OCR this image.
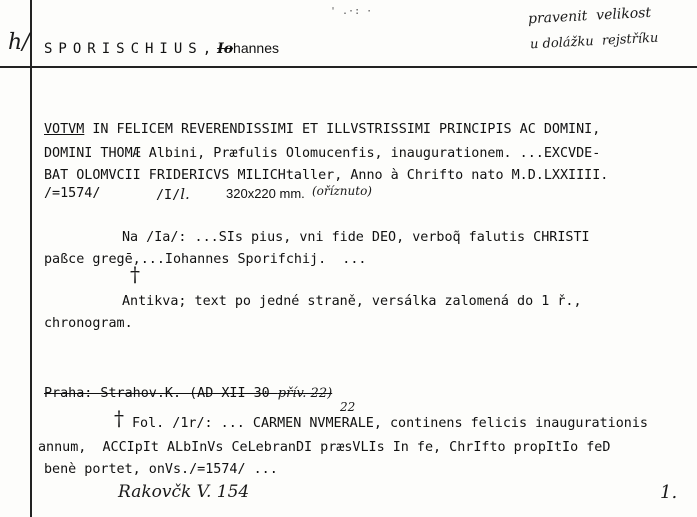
h/ SPORISCHIUS,Iohannes
' .·: ·	pravenit  velikost
u dolážku  rejstříku
VOTVM IN FELICEM REVERENDISSIMI ET ILLVSTRISSIMI PRINCIPIS AC DOMINI,
DOMINI THOMÆ Albini, Præfulis Olomucenfis, inaugurationem. ...EXCVDE-
BAT OLOMVCII FRIDERICVS MILICHtaller, Anno à Chrifto nato M.D.LXXIIII.
/=1574/	/I/l.	320x220 mm. (oříznuto)
Na /Ia/: ...SIs pius, vni fide DEO, verboq̃ falutis CHRISTI
paßce gregē,...Iohannes Sporifchij.  ...
†
Antikva; text po jedné straně, versálka zalomená do 1 ř.,
chronogram.
Praha: Strahov.K. (AD XII 30 přív. 22)
22
† Fol. /1r/: ... CARMEN NVMERALE, continens felicis inaugurationis
annum,  ACCIpIt ALbInVs CeLebranDI præsVLIs In fe, ChrIfto propItIo feD
benè portet, onVs./=1574/ ...
Rakovčk V. 154	1.
